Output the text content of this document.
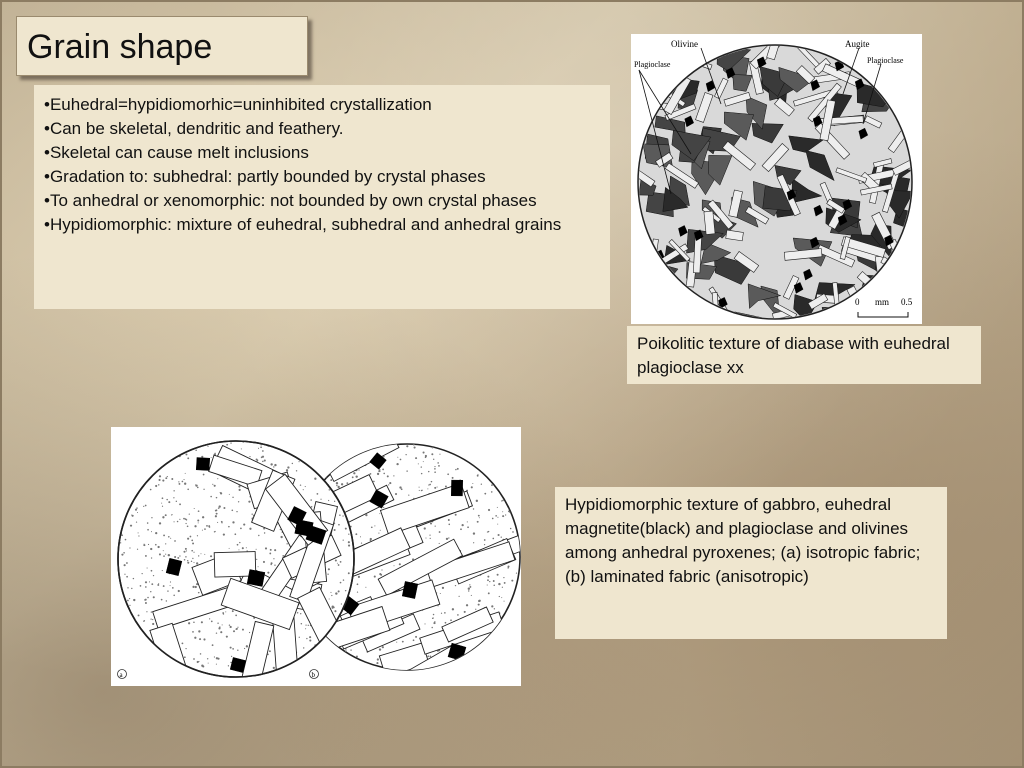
Grain shape
•Euhedral=hypidiomorhic=uninhibited crystallization
•Can be skeletal, dendritic and feathery.
•Skeletal can cause melt inclusions
•Gradation to: subhedral: partly bounded by crystal phases
•To anhedral or xenomorphic: not bounded by own crystal phases
•Hypidiomorphic: mixture of euhedral, subhedral and anhedral grains
Olivine	Augite
Plagioclase	Plagioclase
0 mm 0.5
Poikolitic texture of diabase with euhedral plagioclase xx
a	b
Hypidiomorphic texture of gabbro, euhedral magnetite(black) and plagioclase and olivines among anhedral pyroxenes; (a) isotropic fabric; (b) laminated fabric (anisotropic)
